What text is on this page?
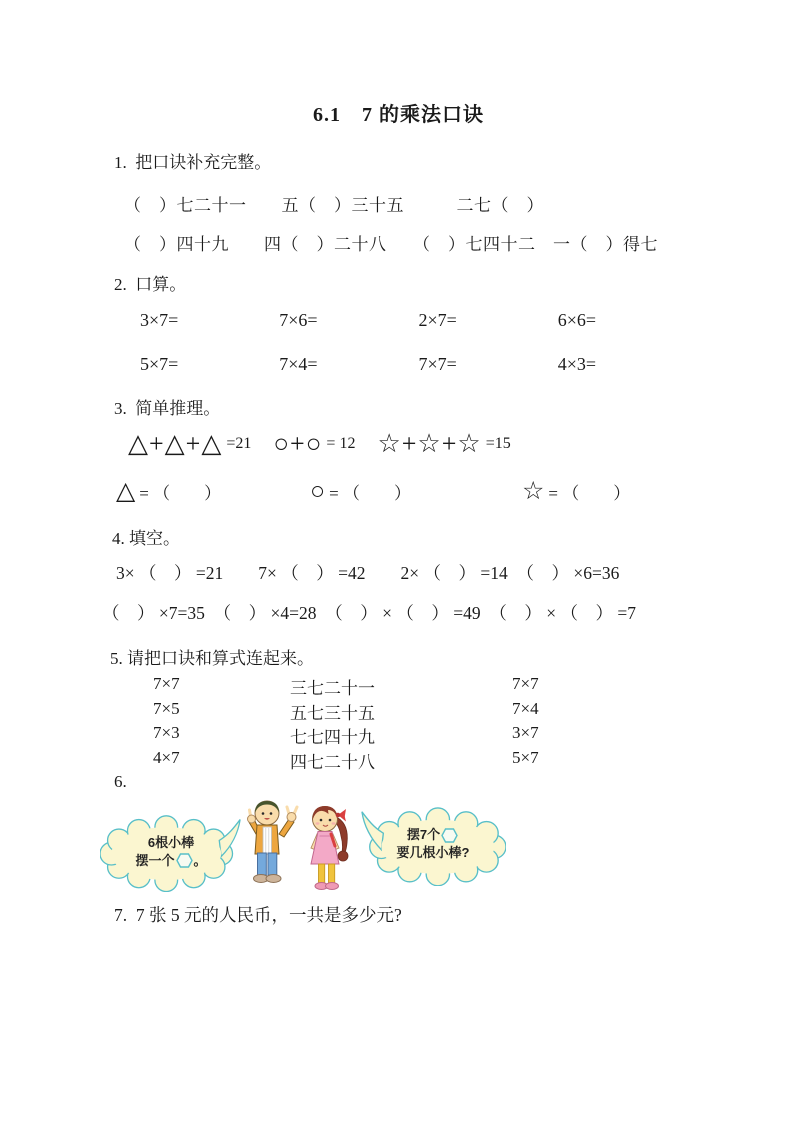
6.1　7 的乘法口诀
1.  把口诀补充完整。
（　）七二十一　　五（　）三十五　　　二七（　）
（　）四十九　　四（　）二十八　　（　）七四十二　一（　）得七
2.  口算。
3×7=	7×6=	2×7=	6×6=
5×7=	7×4=	7×7=	4×3=
3.  简单推理。
△+△+△ =21 ○+○ = 12 ☆+☆+☆ =15
△ = （　　）	○ = （　　）	☆ = （　　）
4. 填空。
3× （　） =21　　7× （　） =42　　2× （　） =14　（　） ×6=36
（　） ×7=35　（　） ×4=28　（　） × （　） =49　（　） × （　） =7
5. 请把口诀和算式连起来。
7×7	三七二十一	7×7
7×5	五七三十五	7×4
7×3	七七四十九	3×7
4×7	四七二十八	5×7
6.
6根小棒
摆一个 。
摆7个
要几根小棒?
7.  7 张 5 元的人民币，一共是多少元?
